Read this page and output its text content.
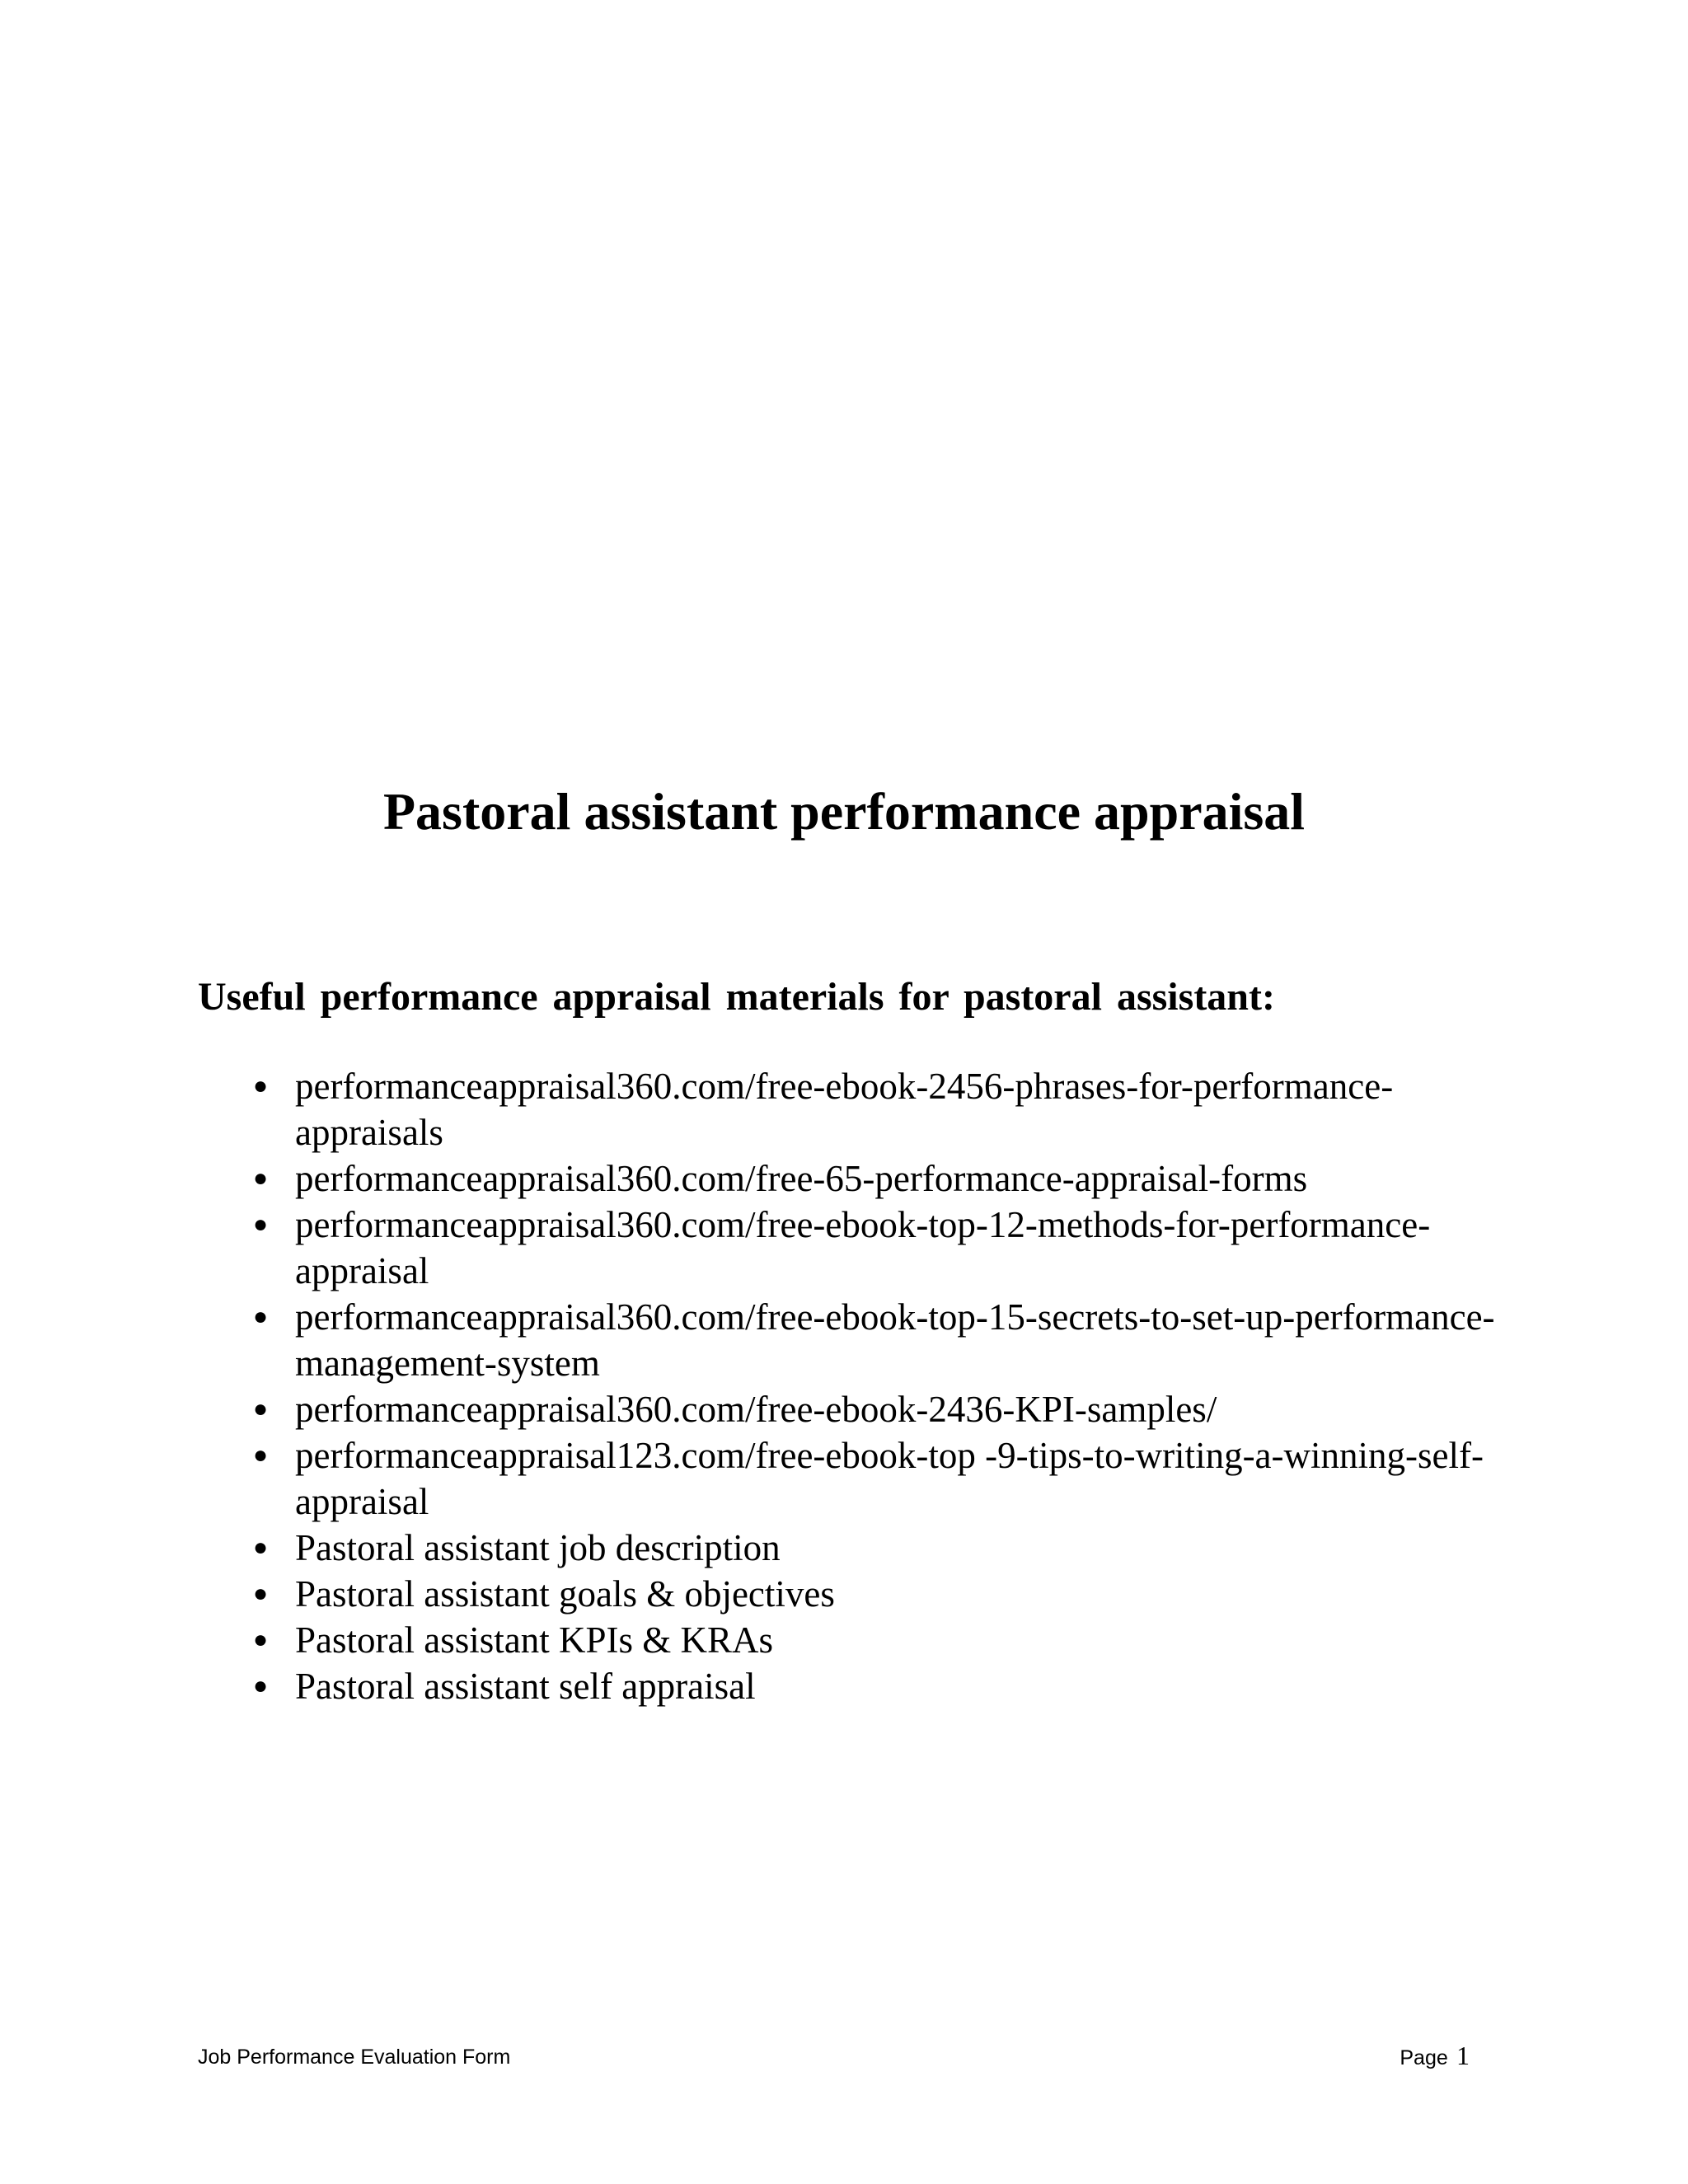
Pastoral assistant performance appraisal

Useful performance appraisal materials for pastoral assistant:

● performanceappraisal360.com/free-ebook-2456-phrases-for-performance-appraisals
● performanceappraisal360.com/free-65-performance-appraisal-forms
● performanceappraisal360.com/free-ebook-top-12-methods-for-performance-appraisal
● performanceappraisal360.com/free-ebook-top-15-secrets-to-set-up-performance-management-system
● performanceappraisal360.com/free-ebook-2436-KPI-samples/
● performanceappraisal123.com/free-ebook-top -9-tips-to-writing-a-winning-self-appraisal
● Pastoral assistant job description
● Pastoral assistant goals & objectives
● Pastoral assistant KPIs & KRAs
● Pastoral assistant self appraisal

Job Performance Evaluation Form	Page 1
